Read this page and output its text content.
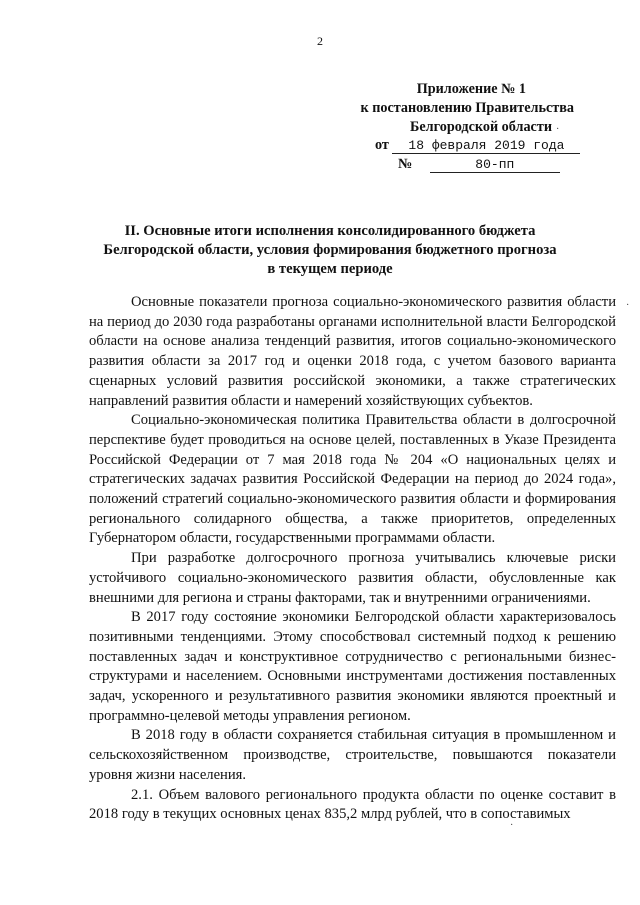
2
Приложение № 1
к постановлению Правительства
Белгородской области
от 18 февраля 2019 года
№	80-пп
II. Основные итоги исполнения консолидированного бюджета
Белгородской области, условия формирования бюджетного прогноза
в текущем периоде

Основные показатели прогноза социально-экономического развития области на период до 2030 года разработаны органами исполнительной власти Белгородской области на основе анализа тенденций развития, итогов социально-экономического развития области за 2017 год и оценки 2018 года, с учетом базового варианта сценарных условий развития российской экономики, а также стратегических направлений развития области и намерений хозяйствующих субъектов.

Социально-экономическая политика Правительства области в долгосрочной перспективе будет проводиться на основе целей, поставленных в Указе Президента Российской Федерации от 7 мая 2018 года № 204 «О национальных целях и стратегических задачах развития Российской Федерации на период до 2024 года», положений стратегий социально-экономического развития области и формирования регионального солидарного общества, а также приоритетов, определенных Губернатором области, государственными программами области.

При разработке долгосрочного прогноза учитывались ключевые риски устойчивого социально-экономического развития области, обусловленные как внешними для региона и страны факторами, так и внутренними ограничениями.

В 2017 году состояние экономики Белгородской области характеризовалось позитивными тенденциями. Этому способствовал системный подход к решению поставленных задач и конструктивное сотрудничество с региональными бизнес-структурами и населением. Основными инструментами достижения поставленных задач, ускоренного и результативного развития экономики являются проектный и программно-целевой методы управления регионом.

В 2018 году в области сохраняется стабильная ситуация в промышленном и сельскохозяйственном производстве, строительстве, повышаются показатели уровня жизни населения.

2.1. Объем валового регионального продукта области по оценке составит в 2018 году в текущих основных ценах 835,2 млрд рублей, что в сопоставимых

·
·
·
